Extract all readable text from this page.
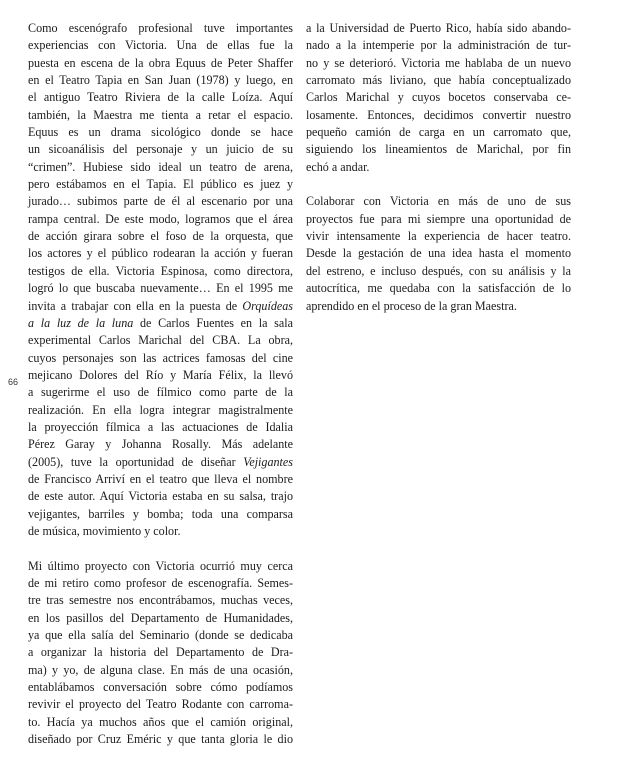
66
Como escenógrafo profesional tuve importantes
experiencias con Victoria. Una de ellas fue la
puesta en escena de la obra Equus de Peter Shaffer
en el Teatro Tapia en San Juan (1978) y luego, en
el antiguo Teatro Riviera de la calle Loíza. Aquí
también, la Maestra me tienta a retar el espacio.
Equus es un drama sicológico donde se hace
un sicoanálisis del personaje y un juicio de su
“crimen”. Hubiese sido ideal un teatro de arena,
pero estábamos en el Tapia. El público es juez y
jurado… subimos parte de él al escenario por una
rampa central. De este modo, logramos que el área
de acción girara sobre el foso de la orquesta, que
los actores y el público rodearan la acción y fueran
testigos de ella. Victoria Espinosa, como directora,
logró lo que buscaba nuevamente… En el 1995 me
invita a trabajar con ella en la puesta de Orquídeas
a la luz de la luna de Carlos Fuentes en la sala
experimental Carlos Marichal del CBA. La obra,
cuyos personajes son las actrices famosas del cine
mejicano Dolores del Río y María Félix, la llevó
a sugerirme el uso de fílmico como parte de la
realización. En ella logra integrar magistralmente
la proyección fílmica a las actuaciones de Idalia
Pérez Garay y Johanna Rosally. Más adelante
(2005), tuve la oportunidad de diseñar Vejigantes
de Francisco Arriví en el teatro que lleva el nombre
de este autor. Aquí Victoria estaba en su salsa, trajo
vejigantes, barriles y bomba; toda una comparsa
de música, movimiento y color.
Mi último proyecto con Victoria ocurrió muy cerca
de mi retiro como profesor de escenografía. Semes-
tre tras semestre nos encontrábamos, muchas veces,
en los pasillos del Departamento de Humanidades,
ya que ella salía del Seminario (donde se dedicaba
a organizar la historia del Departamento de Dra-
ma) y yo, de alguna clase. En más de una ocasión,
entablábamos conversación sobre cómo podíamos
revivir el proyecto del Teatro Rodante con carroma-
to. Hacía ya muchos años que el camión original,
diseñado por Cruz Eméric y que tanta gloria le dio
a la Universidad de Puerto Rico, había sido abando-
nado a la intemperie por la administración de tur-
no y se deterioró. Victoria me hablaba de un nuevo
carromato más liviano, que había conceptualizado
Carlos Marichal y cuyos bocetos conservaba ce-
losamente. Entonces, decidimos convertir nuestro
pequeño camión de carga en un carromato que,
siguiendo los lineamientos de Marichal, por fin
echó a andar.
Colaborar con Victoria en más de uno de sus
proyectos fue para mi siempre una oportunidad de
vivir intensamente la experiencia de hacer teatro.
Desde la gestación de una idea hasta el momento
del estreno, e incluso después, con su análisis y la
autocrítica, me quedaba con la satisfacción de lo
aprendido en el proceso de la gran Maestra.
